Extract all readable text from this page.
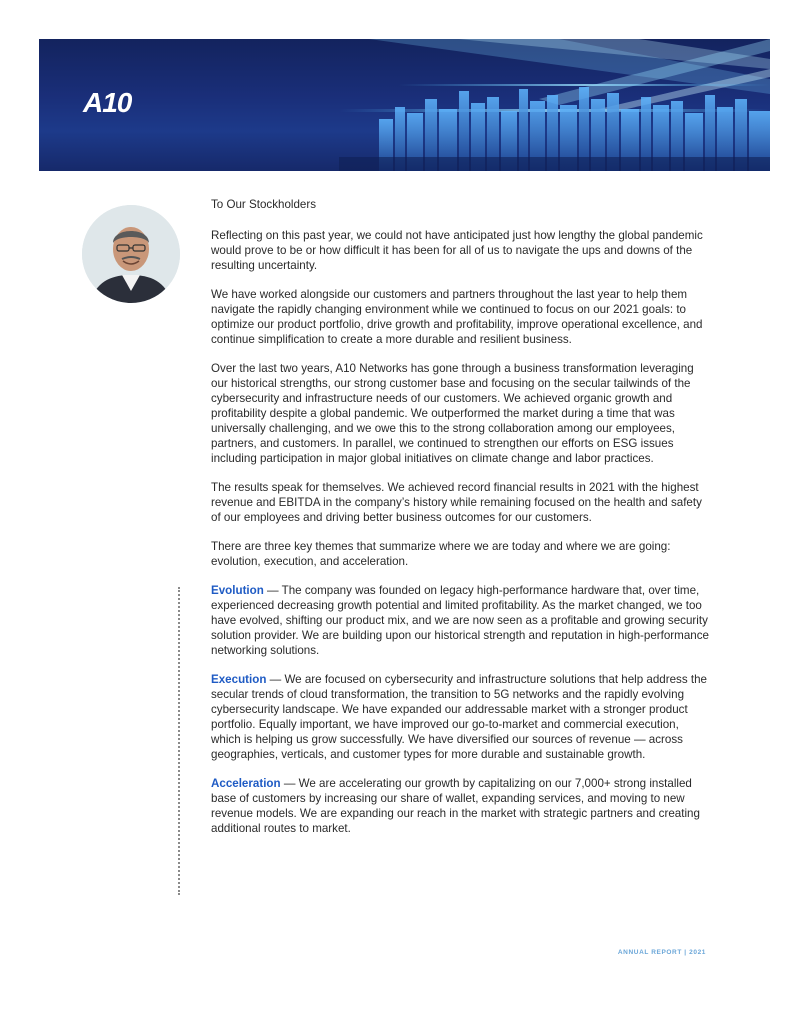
A10

To Our Stockholders

Reflecting on this past year, we could not have anticipated just how lengthy the global pandemic would prove to be or how difficult it has been for all of us to navigate the ups and downs of the resulting uncertainty.

We have worked alongside our customers and partners throughout the last year to help them navigate the rapidly changing environment while we continued to focus on our 2021 goals: to optimize our product portfolio, drive growth and profitability, improve operational excellence, and continue simplification to create a more durable and resilient business.

Over the last two years, A10 Networks has gone through a business transformation leveraging our historical strengths, our strong customer base and focusing on the secular tailwinds of the cybersecurity and infrastructure needs of our customers. We achieved organic growth and profitability despite a global pandemic. We outperformed the market during a time that was universally challenging, and we owe this to the strong collaboration among our employees, partners, and customers. In parallel, we continued to strengthen our efforts on ESG issues including participation in major global initiatives on climate change and labor practices.

The results speak for themselves. We achieved record financial results in 2021 with the highest revenue and EBITDA in the company’s history while remaining focused on the health and safety of our employees and driving better business outcomes for our customers.

There are three key themes that summarize where we are today and where we are going: evolution, execution, and acceleration.

Evolution — The company was founded on legacy high-performance hardware that, over time, experienced decreasing growth potential and limited profitability. As the market changed, we too have evolved, shifting our product mix, and we are now seen as a profitable and growing security solution provider. We are building upon our historical strength and reputation in high-performance networking solutions.

Execution — We are focused on cybersecurity and infrastructure solutions that help address the secular trends of cloud transformation, the transition to 5G networks and the rapidly evolving cybersecurity landscape. We have expanded our addressable market with a stronger product portfolio. Equally important, we have improved our go-to-market and commercial execution, which is helping us grow successfully. We have diversified our sources of revenue — across geographies, verticals, and customer types for more durable and sustainable growth.

Acceleration — We are accelerating our growth by capitalizing on our 7,000+ strong installed base of customers by increasing our share of wallet, expanding services, and moving to new revenue models. We are expanding our reach in the market with strategic partners and creating additional routes to market.

ANNUAL REPORT | 2021
